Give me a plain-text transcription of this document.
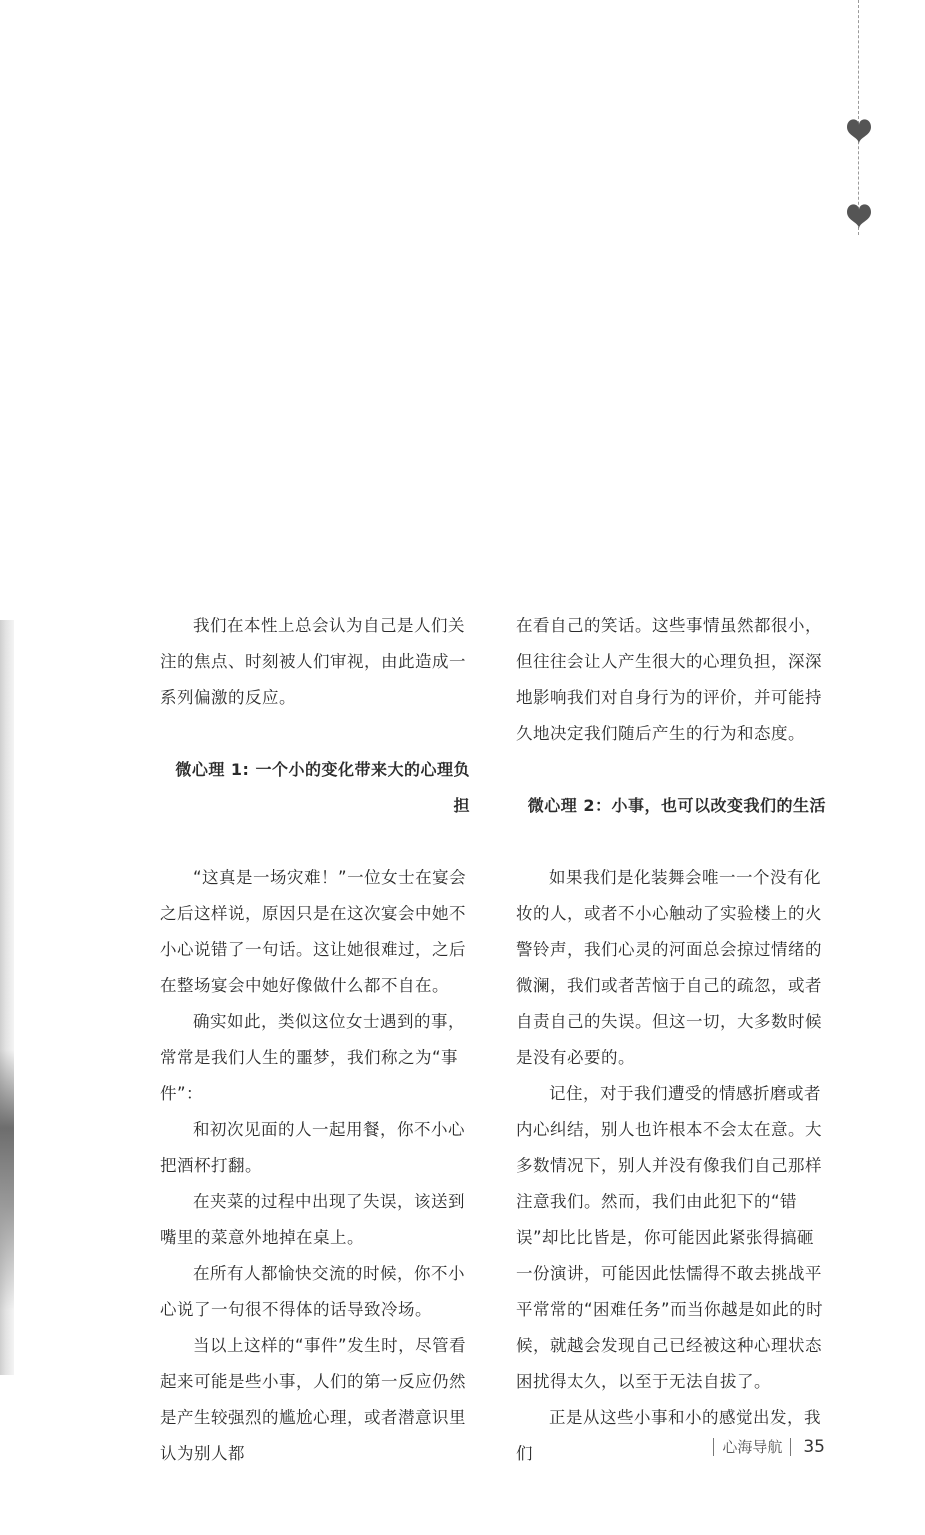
我们在本性上总会认为自己是人们关注的焦点、时刻被人们审视，由此造成一系列偏激的反应。

微心理 1: 一个小的变化带来大的心理负担

“这真是一场灾难！”一位女士在宴会之后这样说，原因只是在这次宴会中她不小心说错了一句话。这让她很难过，之后在整场宴会中她好像做什么都不自在。

确实如此，类似这位女士遇到的事，常常是我们人生的噩梦，我们称之为“事件”：

和初次见面的人一起用餐，你不小心把酒杯打翻。

在夹菜的过程中出现了失误，该送到嘴里的菜意外地掉在桌上。

在所有人都愉快交流的时候，你不小心说了一句很不得体的话导致冷场。

当以上这样的“事件”发生时，尽管看起来可能是些小事，人们的第一反应仍然是产生较强烈的尴尬心理，或者潜意识里认为别人都

在看自己的笑话。这些事情虽然都很小，但往往会让人产生很大的心理负担，深深地影响我们对自身行为的评价，并可能持久地决定我们随后产生的行为和态度。

微心理 2：小事，也可以改变我们的生活

如果我们是化装舞会唯一一个没有化妆的人，或者不小心触动了实验楼上的火警铃声，我们心灵的河面总会掠过情绪的微澜，我们或者苦恼于自己的疏忽，或者自责自己的失误。但这一切，大多数时候是没有必要的。

记住，对于我们遭受的情感折磨或者内心纠结，别人也许根本不会太在意。大多数情况下，别人并没有像我们自己那样注意我们。然而，我们由此犯下的“错误”却比比皆是，你可能因此紧张得搞砸一份演讲，可能因此怯懦得不敢去挑战平平常常的“困难任务”而当你越是如此的时候，就越会发现自己已经被这种心理状态困扰得太久，以至于无法自拔了。

正是从这些小事和小的感觉出发，我们	心海导航 35
